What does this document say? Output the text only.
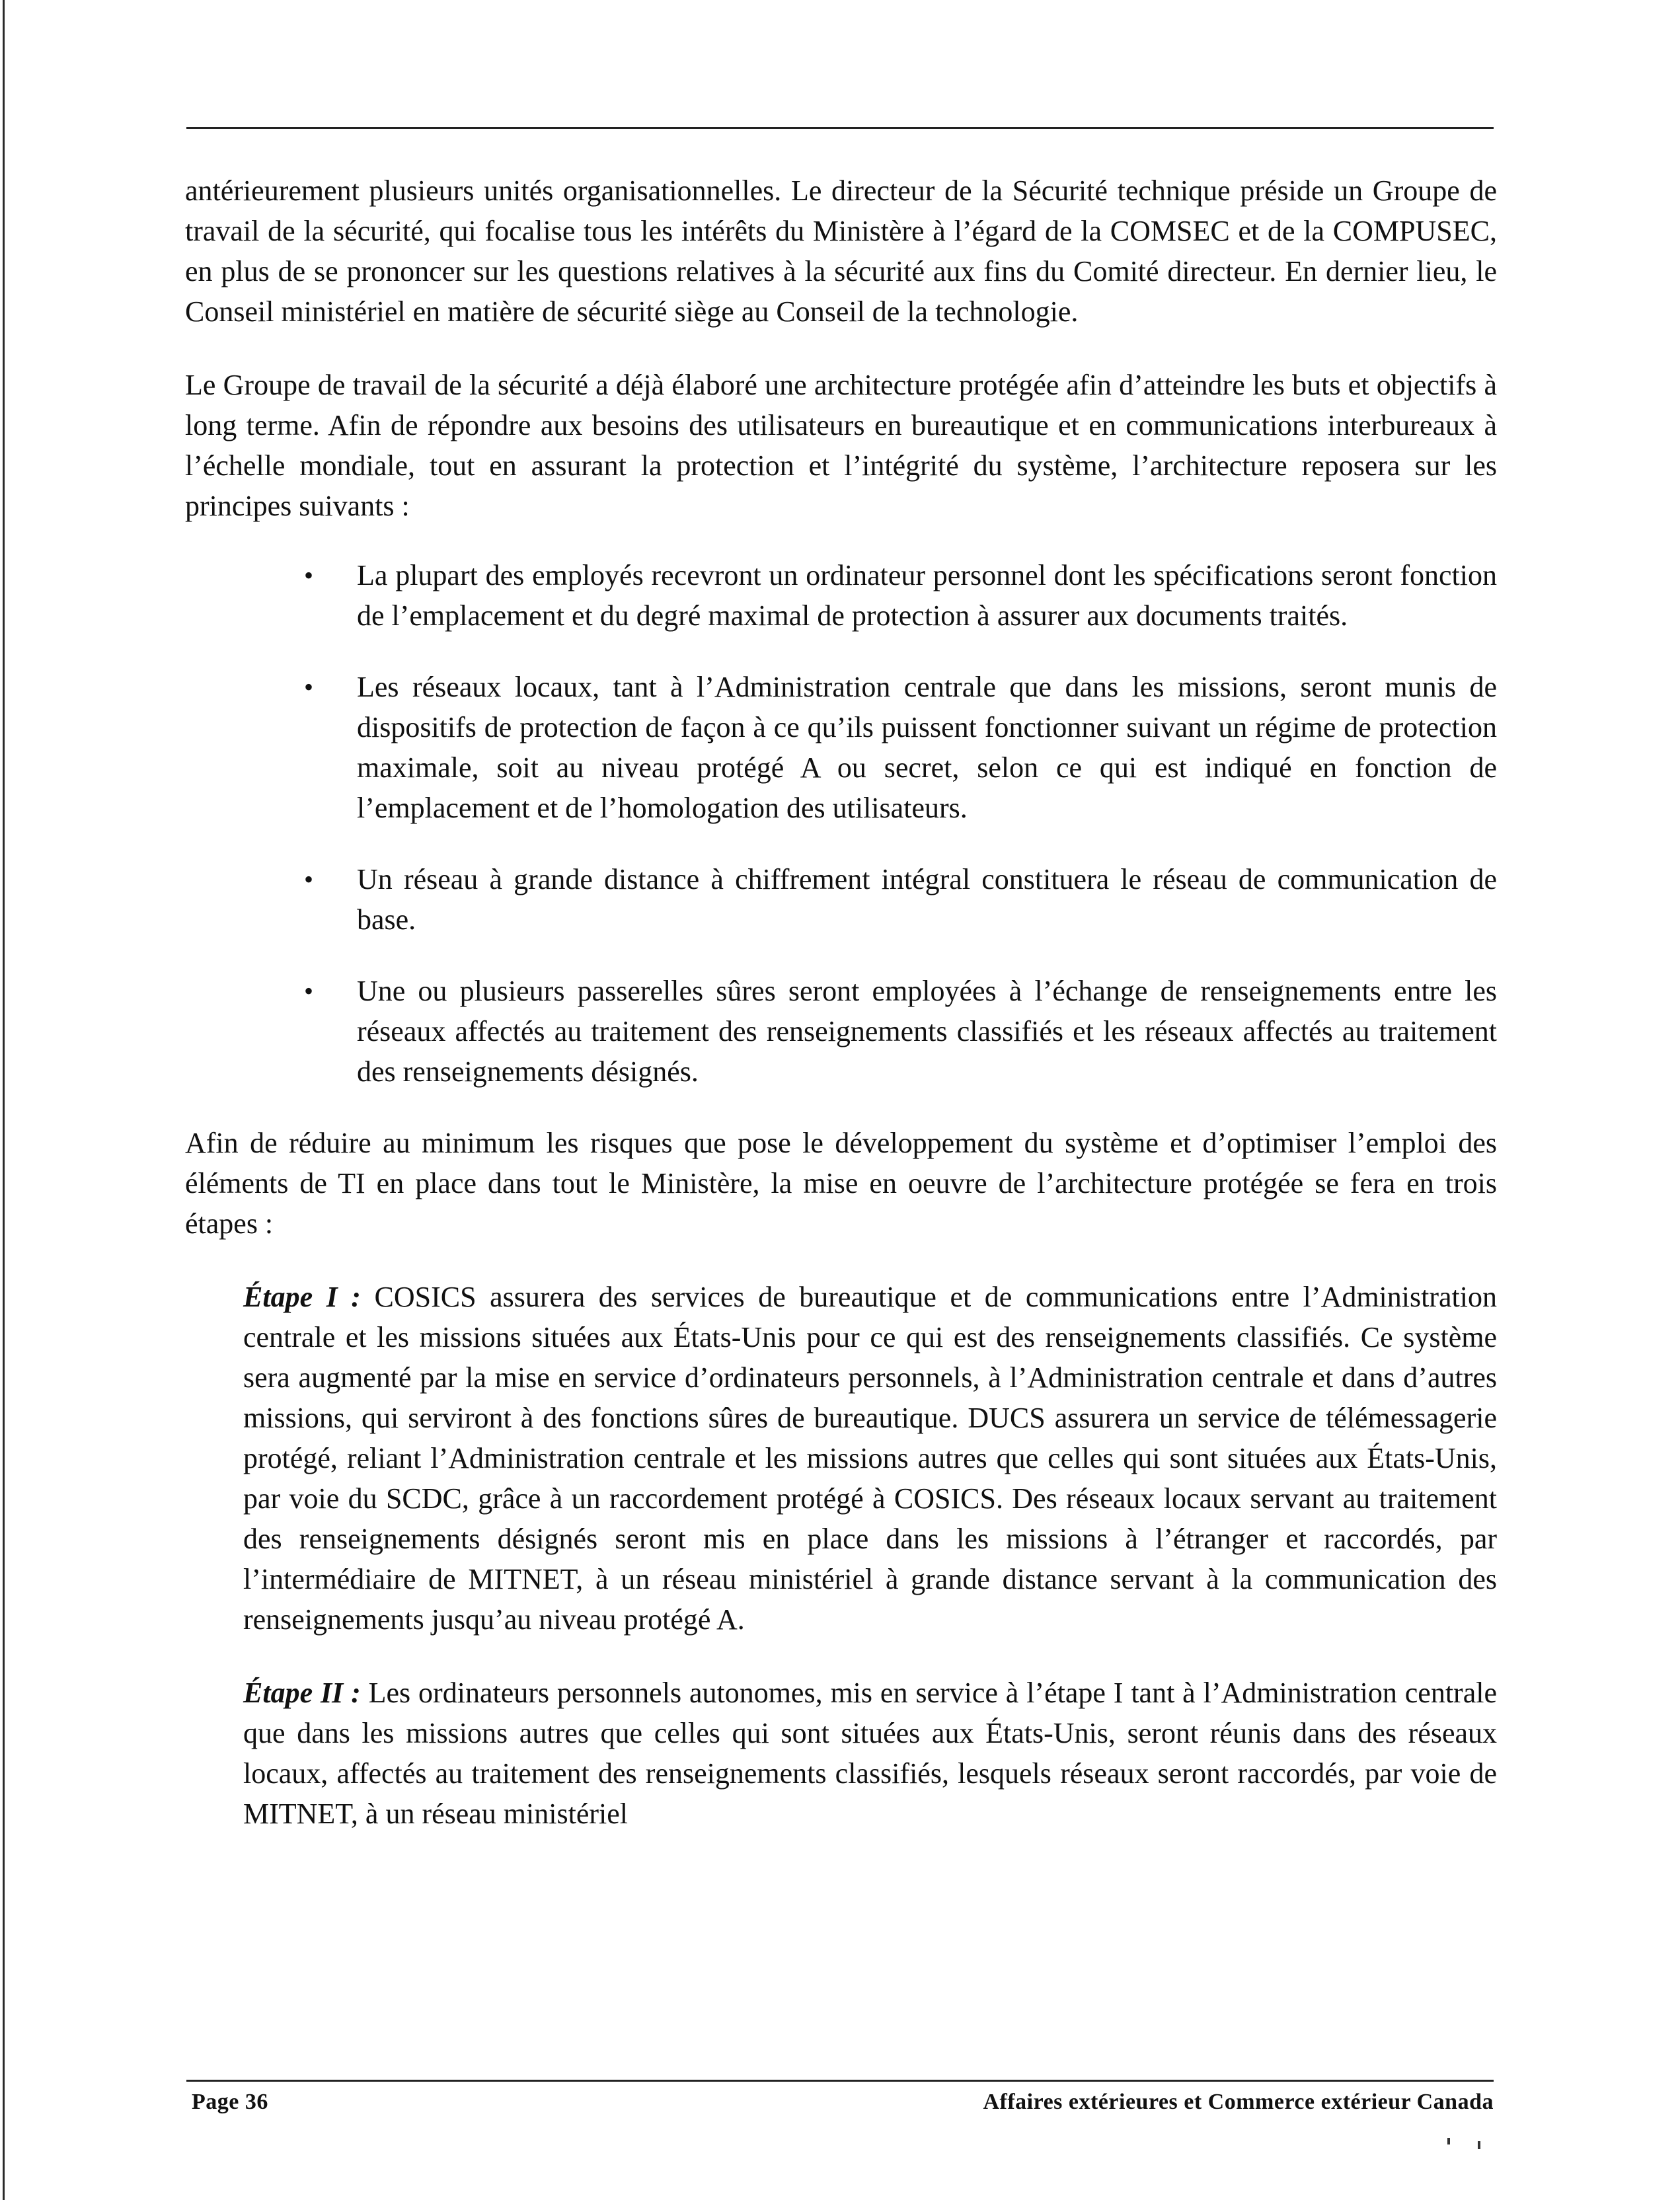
antérieurement plusieurs unités organisationnelles. Le directeur de la Sécurité technique préside un Groupe de travail de la sécurité, qui focalise tous les intérêts du Ministère à l’égard de la COMSEC et de la COMPUSEC, en plus de se prononcer sur les questions relatives à la sécurité aux fins du Comité directeur. En dernier lieu, le Conseil ministériel en matière de sécurité siège au Conseil de la technologie.

Le Groupe de travail de la sécurité a déjà élaboré une architecture protégée afin d’atteindre les buts et objectifs à long terme. Afin de répondre aux besoins des utilisateurs en bureautique et en communications interbureaux à l’échelle mondiale, tout en assurant la protection et l’intégrité du système, l’architecture reposera sur les principes suivants :

•	La plupart des employés recevront un ordinateur personnel dont les spécifications seront fonction de l’emplacement et du degré maximal de protection à assurer aux documents traités.
•	Les réseaux locaux, tant à l’Administration centrale que dans les missions, seront munis de dispositifs de protection de façon à ce qu’ils puissent fonctionner suivant un régime de protection maximale, soit au niveau protégé A ou secret, selon ce qui est indiqué en fonction de l’emplacement et de l’homologation des utilisateurs.
•	Un réseau à grande distance à chiffrement intégral constituera le réseau de communication de base.
•	Une ou plusieurs passerelles sûres seront employées à l’échange de renseignements entre les réseaux affectés au traitement des renseignements classifiés et les réseaux affectés au traitement des renseignements désignés.

Afin de réduire au minimum les risques que pose le développement du système et d’optimiser l’emploi des éléments de TI en place dans tout le Ministère, la mise en oeuvre de l’architecture protégée se fera en trois étapes :

Étape I : COSICS assurera des services de bureautique et de communications entre l’Administration centrale et les missions situées aux États-Unis pour ce qui est des renseignements classifiés. Ce système sera augmenté par la mise en service d’ordinateurs personnels, à l’Administration centrale et dans d’autres missions, qui serviront à des fonctions sûres de bureautique. DUCS assurera un service de télémessagerie protégé, reliant l’Administration centrale et les missions autres que celles qui sont situées aux États-Unis, par voie du SCDC, grâce à un raccordement protégé à COSICS. Des réseaux locaux servant au traitement des renseignements désignés seront mis en place dans les missions à l’étranger et raccordés, par l’intermédiaire de MITNET, à un réseau ministériel à grande distance servant à la communication des renseignements jusqu’au niveau protégé A.

Étape II : Les ordinateurs personnels autonomes, mis en service à l’étape I tant à l’Administration centrale que dans les missions autres que celles qui sont situées aux États-Unis, seront réunis dans des réseaux locaux, affectés au traitement des renseignements classifiés, lesquels réseaux seront raccordés, par voie de MITNET, à un réseau ministériel

Page 36	Affaires extérieures et Commerce extérieur Canada
